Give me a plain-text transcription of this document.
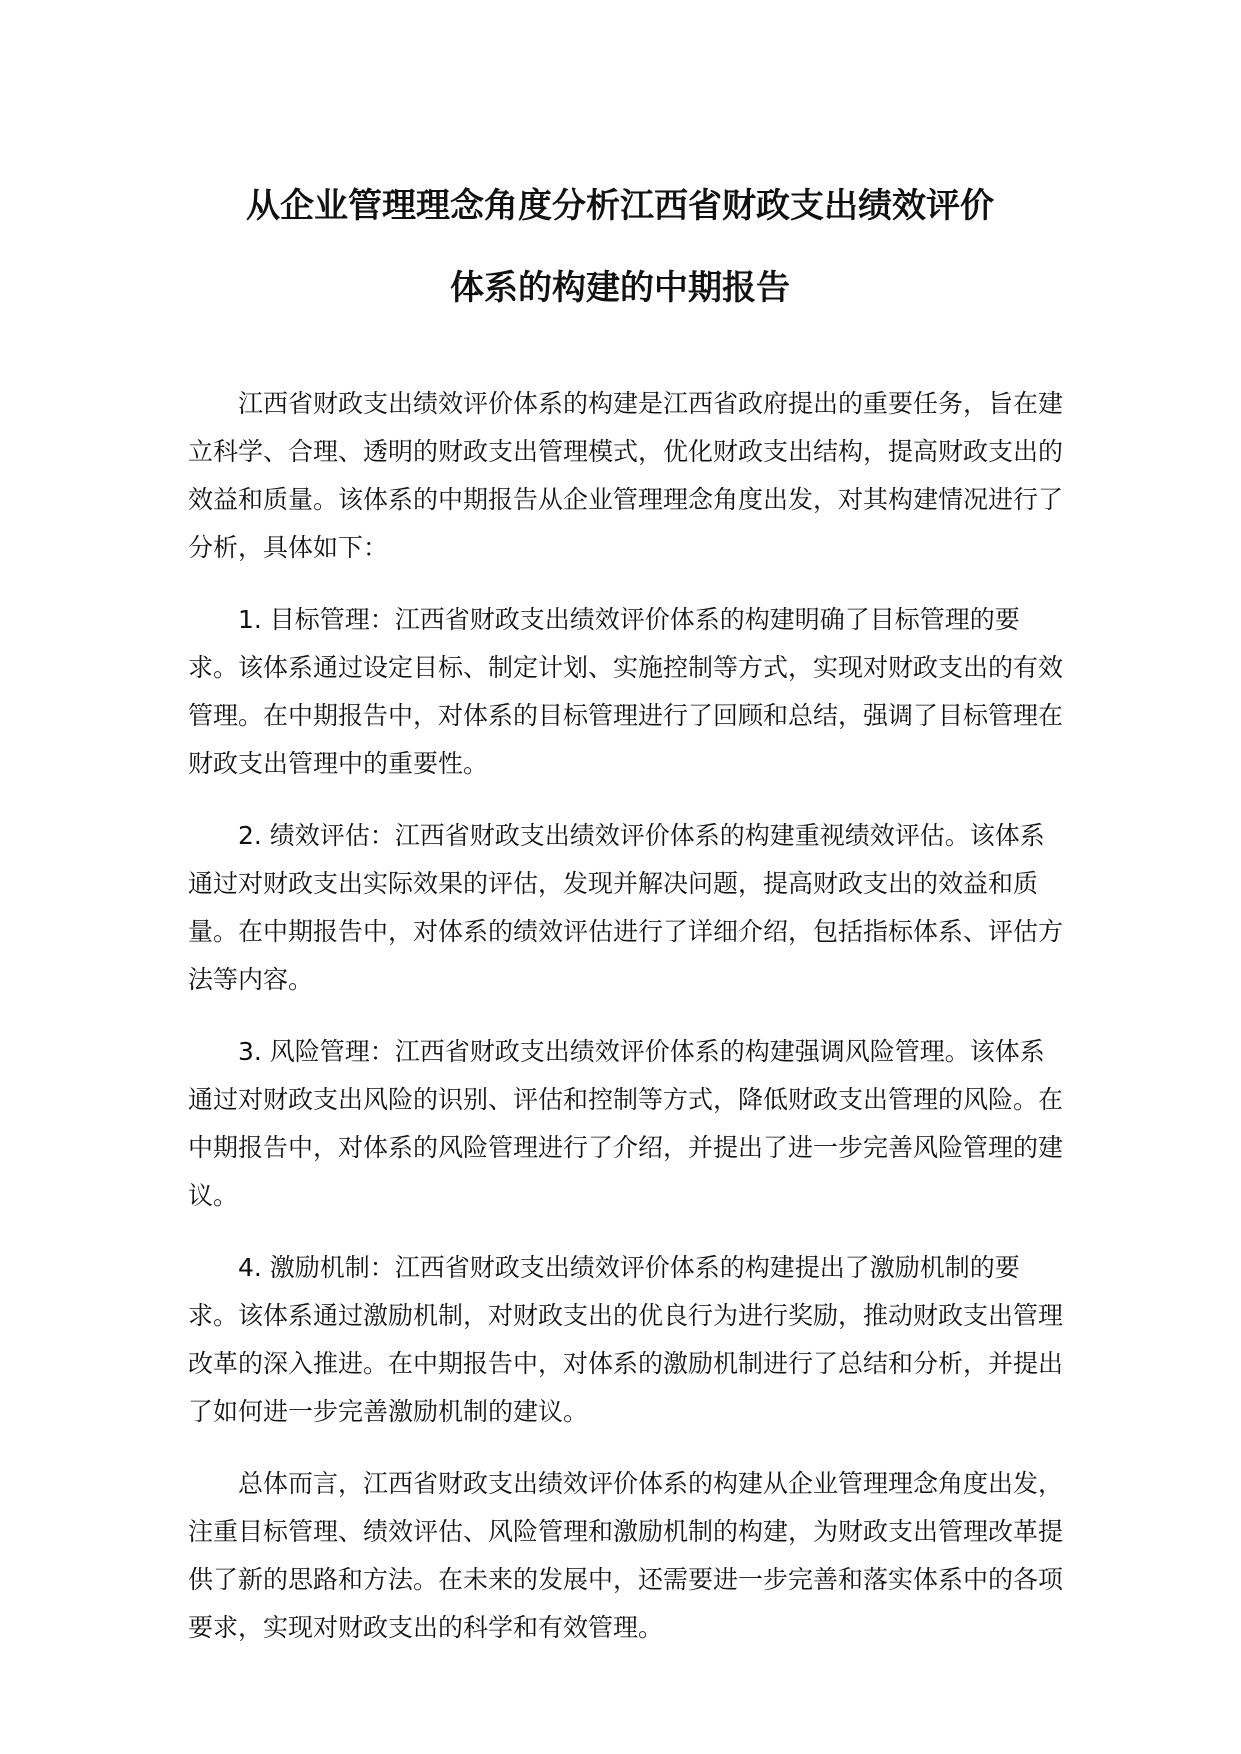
从企业管理理念角度分析江西省财政支出绩效评价
体系的构建的中期报告

江西省财政支出绩效评价体系的构建是江西省政府提出的重要任务，旨在建立科学、合理、透明的财政支出管理模式，优化财政支出结构，提高财政支出的效益和质量。该体系的中期报告从企业管理理念角度出发，对其构建情况进行了分析，具体如下：

1. 目标管理：江西省财政支出绩效评价体系的构建明确了目标管理的要求。该体系通过设定目标、制定计划、实施控制等方式，实现对财政支出的有效管理。在中期报告中，对体系的目标管理进行了回顾和总结，强调了目标管理在财政支出管理中的重要性。

2. 绩效评估：江西省财政支出绩效评价体系的构建重视绩效评估。该体系通过对财政支出实际效果的评估，发现并解决问题，提高财政支出的效益和质量。在中期报告中，对体系的绩效评估进行了详细介绍，包括指标体系、评估方法等内容。

3. 风险管理：江西省财政支出绩效评价体系的构建强调风险管理。该体系通过对财政支出风险的识别、评估和控制等方式，降低财政支出管理的风险。在中期报告中，对体系的风险管理进行了介绍，并提出了进一步完善风险管理的建议。

4. 激励机制：江西省财政支出绩效评价体系的构建提出了激励机制的要求。该体系通过激励机制，对财政支出的优良行为进行奖励，推动财政支出管理改革的深入推进。在中期报告中，对体系的激励机制进行了总结和分析，并提出了如何进一步完善激励机制的建议。

总体而言，江西省财政支出绩效评价体系的构建从企业管理理念角度出发，注重目标管理、绩效评估、风险管理和激励机制的构建，为财政支出管理改革提供了新的思路和方法。在未来的发展中，还需要进一步完善和落实体系中的各项要求，实现对财政支出的科学和有效管理。
